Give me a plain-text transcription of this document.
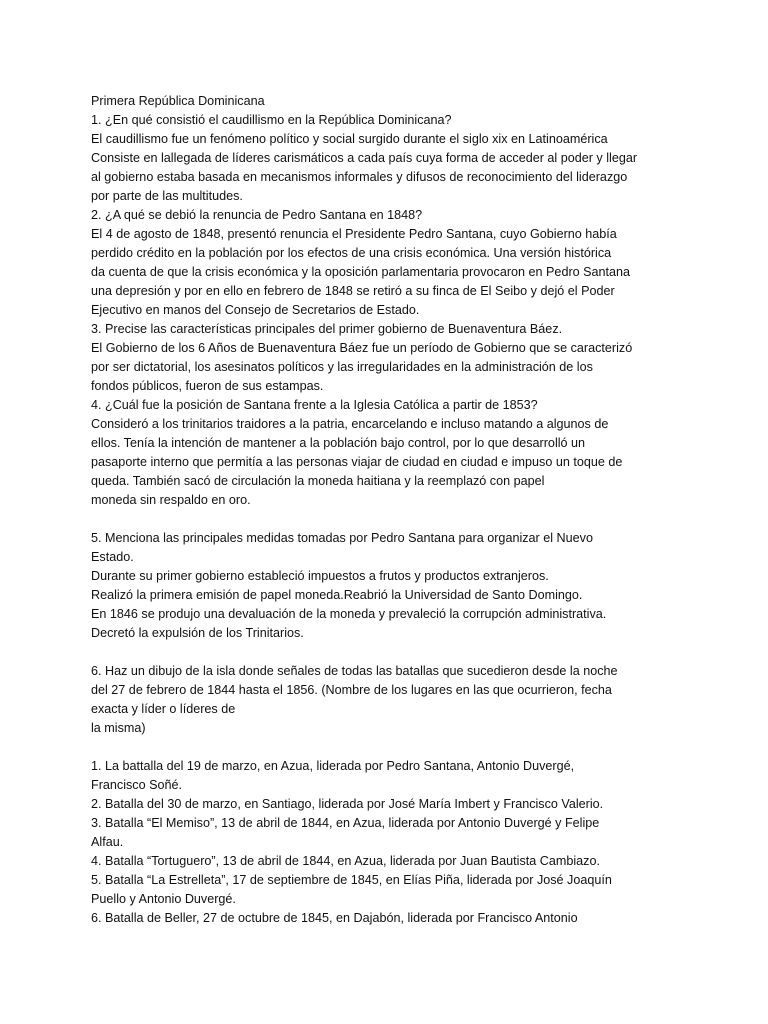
Primera República Dominicana
1. ¿En qué consistió el caudillismo en la República Dominicana?
El caudillismo fue un fenómeno político y social surgido durante el siglo xix en Latinoamérica
Consiste en lallegada de líderes carismáticos a cada país cuya forma de acceder al poder y llegar
al gobierno estaba basada en mecanismos informales y difusos de reconocimiento del liderazgo
por parte de las multitudes.
2. ¿A qué se debió la renuncia de Pedro Santana en 1848?
El 4 de agosto de 1848, presentó renuncia el Presidente Pedro Santana, cuyo Gobierno había
perdido crédito en la población por los efectos de una crisis económica. Una versión histórica
da cuenta de que la crisis económica y la oposición parlamentaria provocaron en Pedro Santana
una depresión y por en ello en febrero de 1848 se retiró a su finca de El Seibo y dejó el Poder
Ejecutivo en manos del Consejo de Secretarios de Estado.
3. Precise las características principales del primer gobierno de Buenaventura Báez.
El Gobierno de los 6 Años de Buenaventura Báez fue un período de Gobierno que se caracterizó
por ser dictatorial, los asesinatos políticos y las irregularidades en la administración de los
fondos públicos, fueron de sus estampas.
4. ¿Cuál fue la posición de Santana frente a la Iglesia Católica a partir de 1853?
Consideró a los trinitarios traidores a la patria, encarcelando e incluso matando a algunos de
ellos. Tenía la intención de mantener a la población bajo control, por lo que desarrolló un
pasaporte interno que permitía a las personas viajar de ciudad en ciudad e impuso un toque de
queda. También sacó de circulación la moneda haitiana y la reemplazó con papel
moneda sin respaldo en oro.
5. Menciona las principales medidas tomadas por Pedro Santana para organizar el Nuevo
Estado.
Durante su primer gobierno estableció impuestos a frutos y productos extranjeros.
Realizó la primera emisión de papel moneda.Reabrió la Universidad de Santo Domingo.
En 1846 se produjo una devaluación de la moneda y prevaleció la corrupción administrativa.
Decretó la expulsión de los Trinitarios.
6. Haz un dibujo de la isla donde señales de todas las batallas que sucedieron desde la noche
del 27 de febrero de 1844 hasta el 1856. (Nombre de los lugares en las que ocurrieron, fecha
exacta y líder o líderes de
la misma)
1. La battalla del 19 de marzo, en Azua, liderada por Pedro Santana, Antonio Duvergé,
Francisco Soñé.
2. Batalla del 30 de marzo, en Santiago, liderada por José María Imbert y Francisco Valerio.
3. Batalla “El Memiso”, 13 de abril de 1844, en Azua, liderada por Antonio Duvergé y Felipe
Alfau.
4. Batalla “Tortuguero”, 13 de abril de 1844, en Azua, liderada por Juan Bautista Cambiazo.
5. Batalla “La Estrelleta”, 17 de septiembre de 1845, en Elías Piña, liderada por José Joaquín
Puello y Antonio Duvergé.
6. Batalla de Beller, 27 de octubre de 1845, en Dajabón, liderada por Francisco Antonio
